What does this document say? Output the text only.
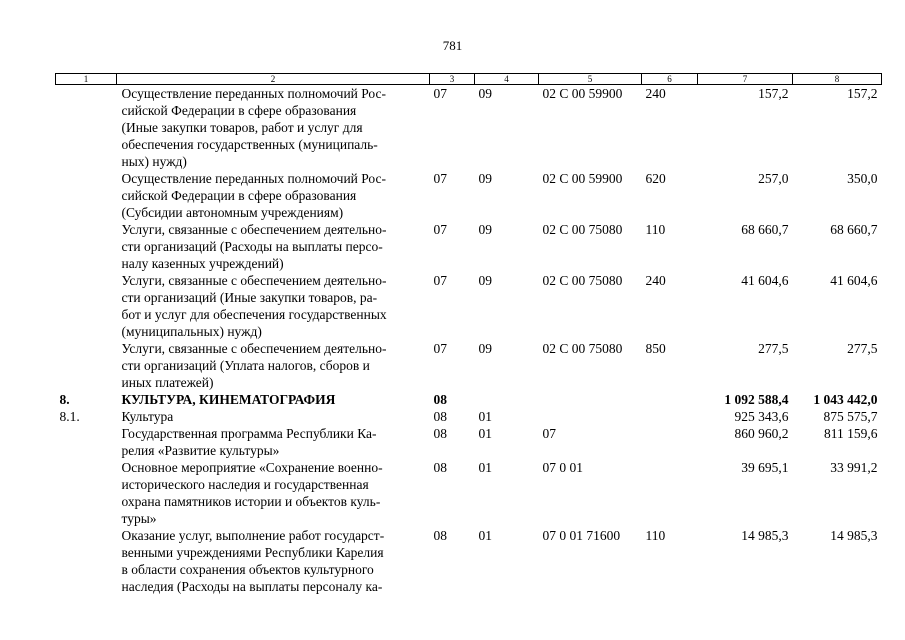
781
1	2	3	4	5	6	7	8

	Осуществление переданных полномочий Рос-
сийской Федерации в сфере образования
(Иные закупки товаров, работ и услуг для
обеспечения государственных (муниципаль-
ных) нужд)	07	09	02 С 00 59900	240	157,2	157,2

	Осуществление переданных полномочий Рос-
сийской Федерации в сфере образования
(Субсидии автономным учреждениям)	07	09	02 С 00 59900	620	257,0	350,0

	Услуги, связанные с обеспечением деятельно-
сти организаций (Расходы на выплаты персо-
налу казенных учреждений)	07	09	02 С 00 75080	110	68 660,7	68 660,7

	Услуги, связанные с обеспечением деятельно-
сти организаций (Иные закупки товаров, ра-
бот и услуг для обеспечения государственных
(муниципальных) нужд)	07	09	02 С 00 75080	240	41 604,6	41 604,6

	Услуги, связанные с обеспечением деятельно-
сти организаций (Уплата налогов, сборов и
иных платежей)	07	09	02 С 00 75080	850	277,5	277,5
8.	КУЛЬТУРА, КИНЕМАТОГРАФИЯ	08				1 092 588,4	1 043 442,0
8.1.	Культура	08	01			925 343,6	875 575,7

	Государственная программа Республики Ка-
релия «Развитие культуры»	08	01	07		860 960,2	811 159,6

	Основное мероприятие «Сохранение военно-
исторического наследия и государственная
охрана памятников истории и объектов куль-
туры»	08	01	07 0 01		39 695,1	33 991,2

	Оказание услуг, выполнение работ государст-
венными учреждениями Республики Карелия
в области сохранения объектов культурного
наследия (Расходы на выплаты персоналу ка-	08	01	07 0 01 71600	110	14 985,3	14 985,3
